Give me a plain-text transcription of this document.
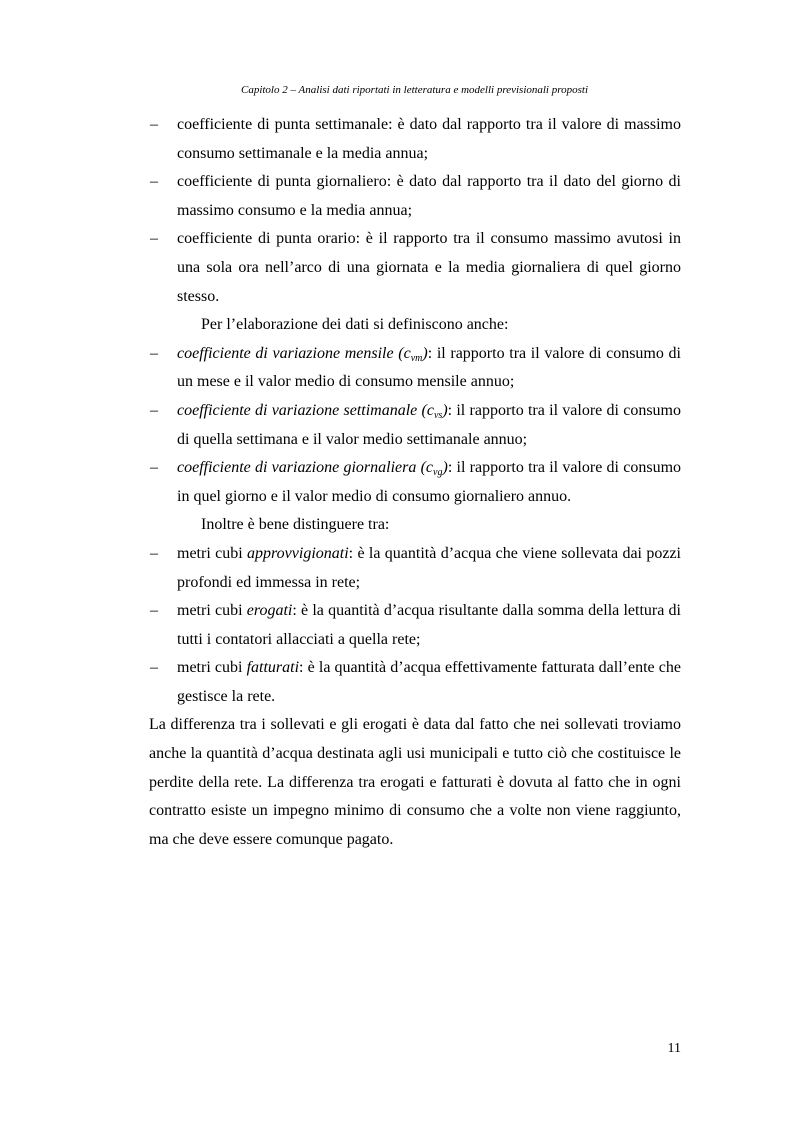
Capitolo 2 – Analisi dati riportati in letteratura e modelli previsionali proposti
– coefficiente di punta settimanale: è dato dal rapporto tra il valore di massimo consumo settimanale e la media annua;
– coefficiente di punta giornaliero: è dato dal rapporto tra il dato del giorno di massimo consumo e la media annua;
– coefficiente di punta orario: è il rapporto tra il consumo massimo avutosi in una sola ora nell’arco di una giornata e la media giornaliera di quel giorno stesso.

Per l’elaborazione dei dati si definiscono anche:

– coefficiente di variazione mensile $(c_{vm})$: il rapporto tra il valore di consumo di un mese e il valor medio di consumo mensile annuo;
– coefficiente di variazione settimanale $(c_{vs})$: il rapporto tra il valore di consumo di quella settimana e il valor medio settimanale annuo;
– coefficiente di variazione giornaliera $(c_{vg})$: il rapporto tra il valore di consumo in quel giorno e il valor medio di consumo giornaliero annuo.

Inoltre è bene distinguere tra:

– metri cubi approvvigionati: è la quantità d’acqua che viene sollevata dai pozzi profondi ed immessa in rete;
– metri cubi erogati: è la quantità d’acqua risultante dalla somma della lettura di tutti i contatori allacciati a quella rete;
– metri cubi fatturati: è la quantità d’acqua effettivamente fatturata dall’ente che gestisce la rete.

La differenza tra i sollevati e gli erogati è data dal fatto che nei sollevati troviamo anche la quantità d’acqua destinata agli usi municipali e tutto ciò che costituisce le perdite della rete. La differenza tra erogati e fatturati è dovuta al fatto che in ogni contratto esiste un impegno minimo di consumo che a volte non viene raggiunto, ma che deve essere comunque pagato.

11
